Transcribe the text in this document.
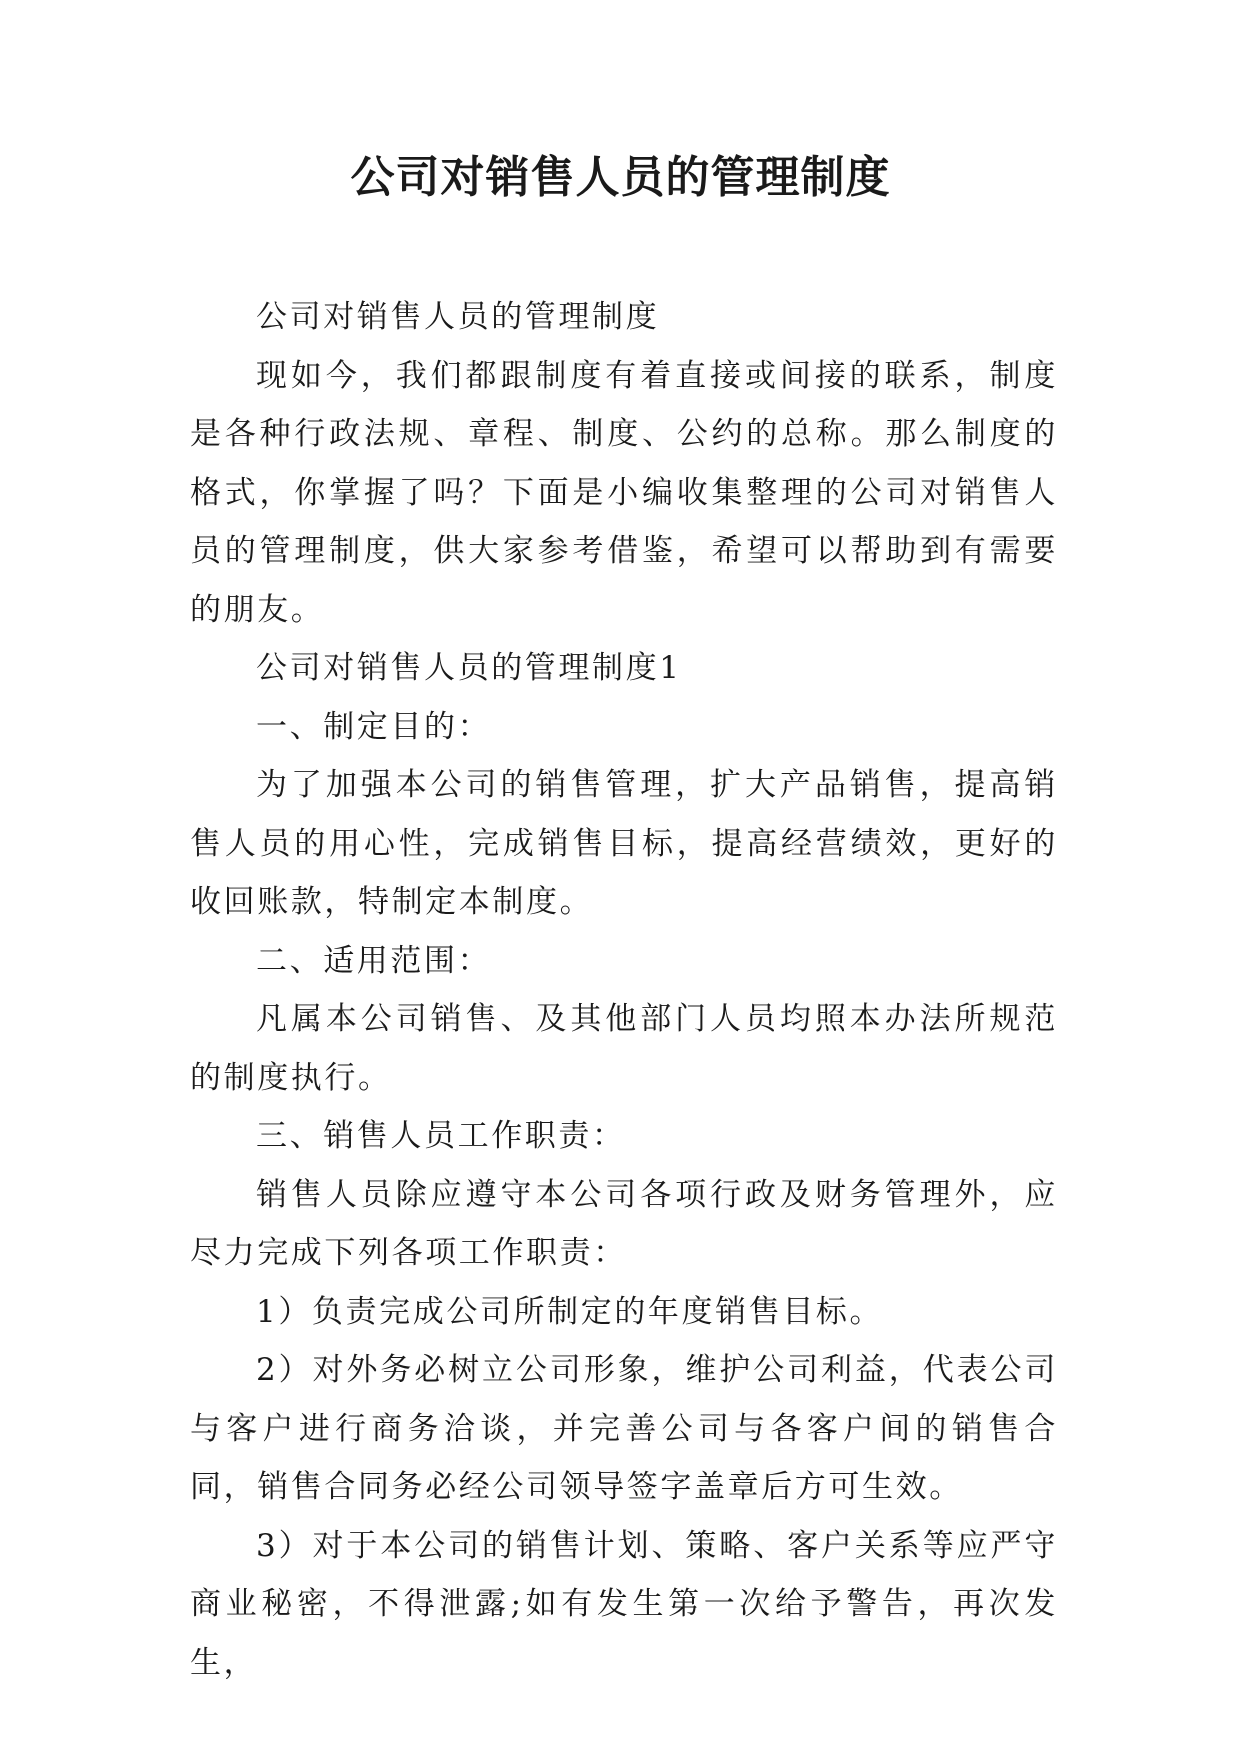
公司对销售人员的管理制度

公司对销售人员的管理制度

现如今，我们都跟制度有着直接或间接的联系，制度是各种行政法规、章程、制度、公约的总称。那么制度的格式，你掌握了吗？下面是小编收集整理的公司对销售人员的管理制度，供大家参考借鉴，希望可以帮助到有需要的朋友。

公司对销售人员的管理制度1

一、制定目的：

为了加强本公司的销售管理，扩大产品销售，提高销售人员的用心性，完成销售目标，提高经营绩效，更好的收回账款，特制定本制度。

二、适用范围：

凡属本公司销售、及其他部门人员均照本办法所规范的制度执行。

三、销售人员工作职责：

销售人员除应遵守本公司各项行政及财务管理外，应尽力完成下列各项工作职责：

1）负责完成公司所制定的年度销售目标。

2）对外务必树立公司形象，维护公司利益，代表公司与客户进行商务洽谈，并完善公司与各客户间的销售合同，销售合同务必经公司领导签字盖章后方可生效。

3）对于本公司的销售计划、策略、客户关系等应严守商业秘密，不得泄露;如有发生第一次给予警告，再次发生，
